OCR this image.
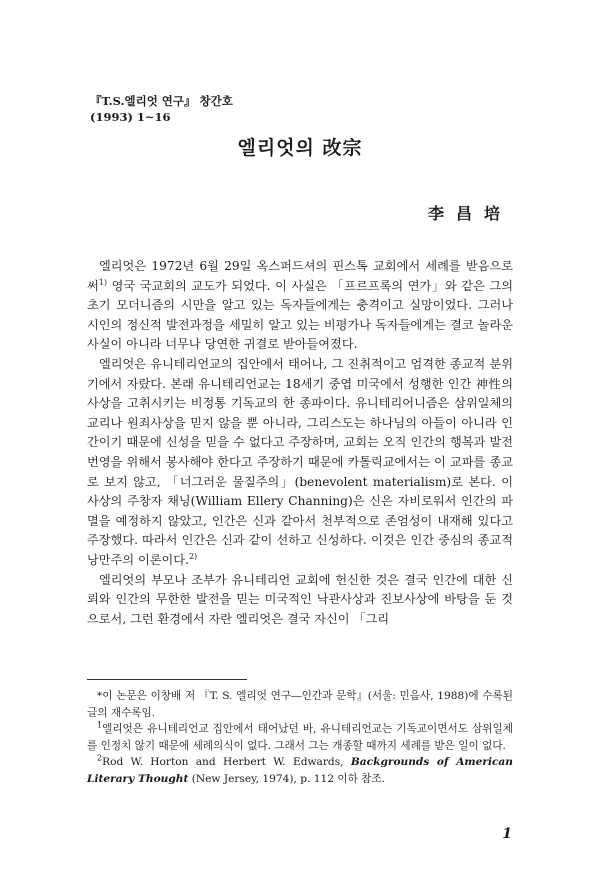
『T.S.엘리엇 연구』 창간호
(1993) 1∼16
엘리엇의 改宗
李昌培

엘리엇은 1972년 6월 29일 옥스퍼드셔의 핀스톡 교회에서 세례를 받음으로써$^{1)}$ 영국 국교회의 교도가 되었다. 이 사실은 「프르프록의 연가」와 같은 그의 초기 모더니즘의 시만을 알고 있는 독자들에게는 충격이고 실망이었다. 그러나 시인의 정신적 발전과정을 세밀히 알고 있는 비평가나 독자들에게는 결코 놀라운 사실이 아니라 너무나 당연한 귀결로 받아들여졌다.

엘리엇은 유니테리언교의 집안에서 태어나, 그 진취적이고 엄격한 종교적 분위기에서 자랐다. 본래 유니테리언교는 18세기 중엽 미국에서 성행한 인간 神性의 사상을 고취시키는 비정통 기독교의 한 종파이다. 유니테리어니즘은 삼위일체의 교리나 원죄사상을 믿지 않을 뿐 아니라, 그리스도는 하나님의 아들이 아니라 인간이기 때문에 신성을 믿을 수 없다고 주장하며, 교회는 오직 인간의 행복과 발전 번영을 위해서 봉사해야 한다고 주장하기 때문에 카톨릭교에서는 이 교파를 종교로 보지 않고, 「너그러운 물질주의」(benevolent materialism)로 본다. 이 사상의 주창자 채닝(William Ellery Channing)은 신은 자비로워서 인간의 파멸을 예정하지 않았고, 인간은 신과 같아서 천부적으로 존엄성이 내재해 있다고 주장했다. 따라서 인간은 신과 같이 선하고 신성하다. 이것은 인간 중심의 종교적 낭만주의 이론이다.$^{2)}$

엘리엇의 부모나 조부가 유니테리언 교회에 헌신한 것은 결국 인간에 대한 신뢰와 인간의 무한한 발전을 믿는 미국적인 낙관사상과 진보사상에 바탕을 둔 것으로서, 그런 환경에서 자란 엘리엇은 결국 자신이 「그리

*이 논문은 이창배 저 『T. S. 엘리엇 연구―인간과 문학』(서울: 민음사, 1988)에 수록된 글의 재수록임.

$^1$엘리엇은 유니테리언교 집안에서 태어났던 바, 유니테리언교는 기독교이면서도 삼위일체를 인정치 않기 때문에 세례의식이 없다. 그래서 그는 개종할 때까지 세례를 받은 일이 없다.

$^2$Rod W. Horton and Herbert W. Edwards, Backgrounds of American Literary Thought (New Jersey, 1974), p. 112 이하 참조.

1
